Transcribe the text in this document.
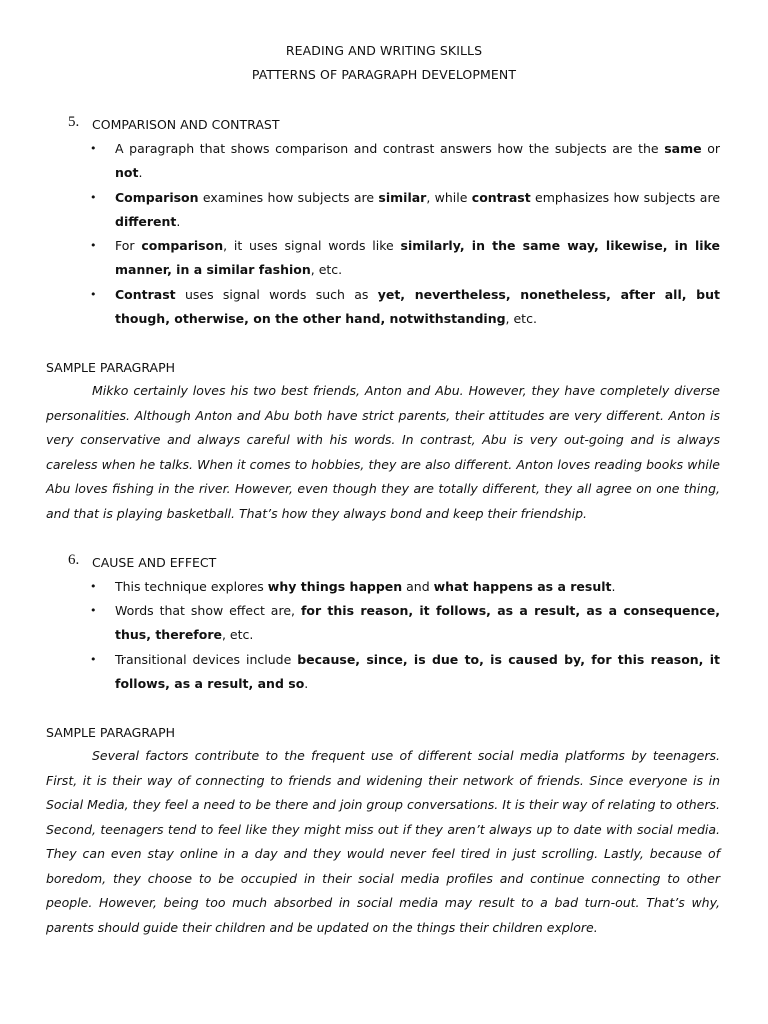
READING AND WRITING SKILLS
PATTERNS OF PARAGRAPH DEVELOPMENT
5. COMPARISON AND CONTRAST
• A paragraph that shows comparison and contrast answers how the subjects are the same or not.
• Comparison examines how subjects are similar, while contrast emphasizes how subjects are different.
• For comparison, it uses signal words like similarly, in the same way, likewise, in like manner, in a similar fashion, etc.
• Contrast uses signal words such as yet, nevertheless, nonetheless, after all, but though, otherwise, on the other hand, notwithstanding, etc.
SAMPLE PARAGRAPH
Mikko certainly loves his two best friends, Anton and Abu. However, they have completely diverse personalities. Although Anton and Abu both have strict parents, their attitudes are very different. Anton is very conservative and always careful with his words. In contrast, Abu is very out-going and is always careless when he talks. When it comes to hobbies, they are also different. Anton loves reading books while Abu loves fishing in the river. However, even though they are totally different, they all agree on one thing, and that is playing basketball. That’s how they always bond and keep their friendship.
6. CAUSE AND EFFECT
• This technique explores why things happen and what happens as a result.
• Words that show effect are, for this reason, it follows, as a result, as a consequence, thus, therefore, etc.
• Transitional devices include because, since, is due to, is caused by, for this reason, it follows, as a result, and so.
SAMPLE PARAGRAPH
Several factors contribute to the frequent use of different social media platforms by teenagers. First, it is their way of connecting to friends and widening their network of friends. Since everyone is in Social Media, they feel a need to be there and join group conversations. It is their way of relating to others. Second, teenagers tend to feel like they might miss out if they aren’t always up to date with social media. They can even stay online in a day and they would never feel tired in just scrolling. Lastly, because of boredom, they choose to be occupied in their social media profiles and continue connecting to other people. However, being too much absorbed in social media may result to a bad turn-out. That’s why, parents should guide their children and be updated on the things their children explore.
